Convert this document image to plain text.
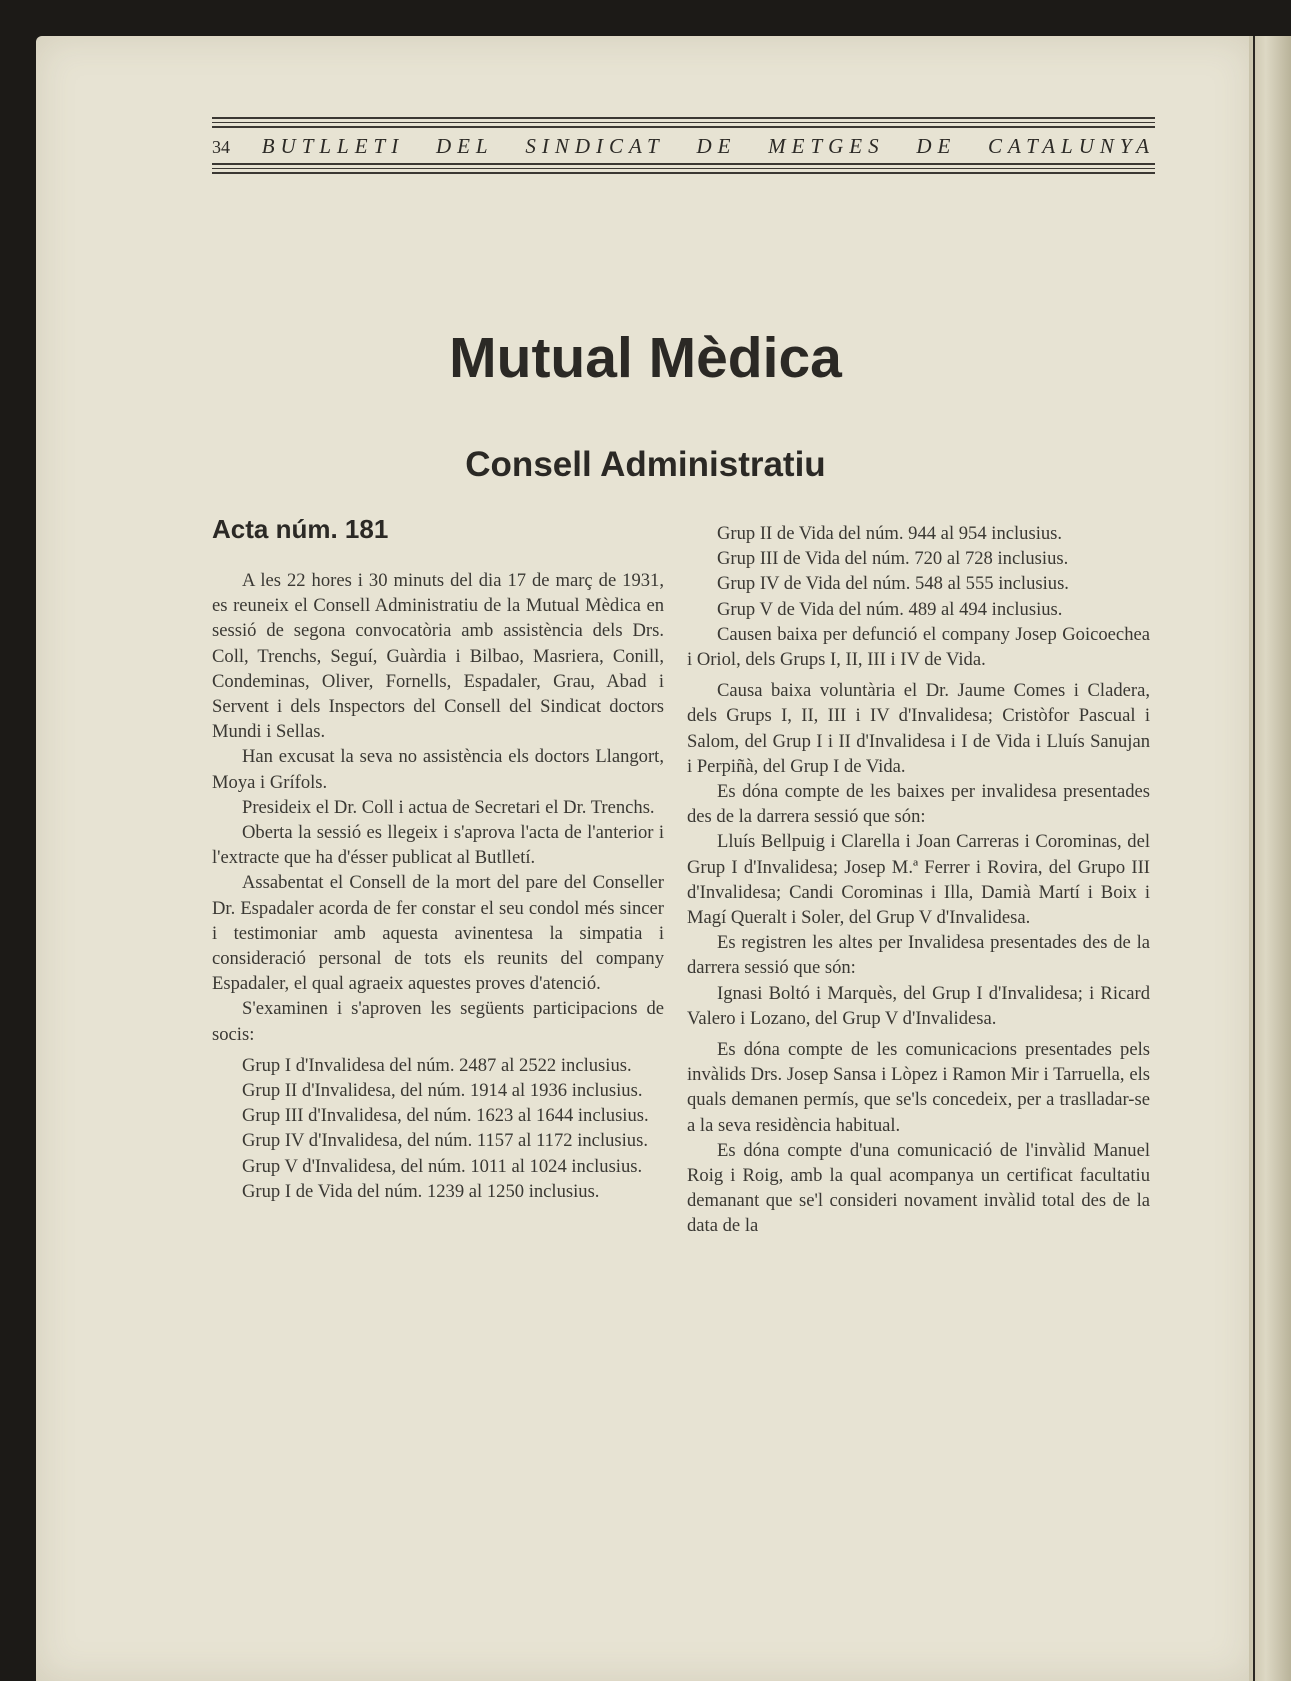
34 BUTLLETI DEL SINDICAT DE METGES DE CATALUNYA
Mutual Mèdica
Consell Administratiu
Acta núm. 181

A les 22 hores i 30 minuts del dia 17 de març de 1931, es reuneix el Consell Administratiu de la Mutual Mèdica en sessió de segona convocatòria amb assistència dels Drs. Coll, Trenchs, Seguí, Guàrdia i Bilbao, Masriera, Conill, Condeminas, Oliver, Fornells, Espadaler, Grau, Abad i Servent i dels Inspectors del Consell del Sindicat doctors Mundi i Sellas.

Han excusat la seva no assistència els doctors Llangort, Moya i Grífols.

Presideix el Dr. Coll i actua de Secretari el Dr. Trenchs.

Oberta la sessió es llegeix i s'aprova l'acta de l'anterior i l'extracte que ha d'ésser publicat al Butlletí.

Assabentat el Consell de la mort del pare del Conseller Dr. Espadaler acorda de fer constar el seu condol més sincer i testimoniar amb aquesta avinentesa la simpatia i consideració personal de tots els reunits del company Espadaler, el qual agraeix aquestes proves d'atenció.

S'examinen i s'aproven les següents participacions de socis:

Grup I d'Invalidesa del núm. 2487 al 2522 inclusius.

Grup II d'Invalidesa, del núm. 1914 al 1936 inclusius.

Grup III d'Invalidesa, del núm. 1623 al 1644 inclusius.

Grup IV d'Invalidesa, del núm. 1157 al 1172 inclusius.

Grup V d'Invalidesa, del núm. 1011 al 1024 inclusius.

Grup I de Vida del núm. 1239 al 1250 inclusius.

Grup II de Vida del núm. 944 al 954 inclusius.

Grup III de Vida del núm. 720 al 728 inclusius.

Grup IV de Vida del núm. 548 al 555 inclusius.

Grup V de Vida del núm. 489 al 494 inclusius.

Causen baixa per defunció el company Josep Goicoechea i Oriol, dels Grups I, II, III i IV de Vida.

Causa baixa voluntària el Dr. Jaume Comes i Cladera, dels Grups I, II, III i IV d'Invalidesa; Cristòfor Pascual i Salom, del Grup I i II d'Invalidesa i I de Vida i Lluís Sanujan i Perpiñà, del Grup I de Vida.

Es dóna compte de les baixes per invalidesa presentades des de la darrera sessió que són:

Lluís Bellpuig i Clarella i Joan Carreras i Corominas, del Grup I d'Invalidesa; Josep M.ª Ferrer i Rovira, del Grupo III d'Invalidesa; Candi Corominas i Illa, Damià Martí i Boix i Magí Queralt i Soler, del Grup V d'Invalidesa.

Es registren les altes per Invalidesa presentades des de la darrera sessió que són:

Ignasi Boltó i Marquès, del Grup I d'Invalidesa; i Ricard Valero i Lozano, del Grup V d'Invalidesa.

Es dóna compte de les comunicacions presentades pels invàlids Drs. Josep Sansa i Lòpez i Ramon Mir i Tarruella, els quals demanen permís, que se'ls concedeix, per a traslladar-se a la seva residència habitual.

Es dóna compte d'una comunicació de l'invàlid Manuel Roig i Roig, amb la qual acompanya un certificat facultatiu demanant que se'l consideri novament invàlid total des de la data de la
